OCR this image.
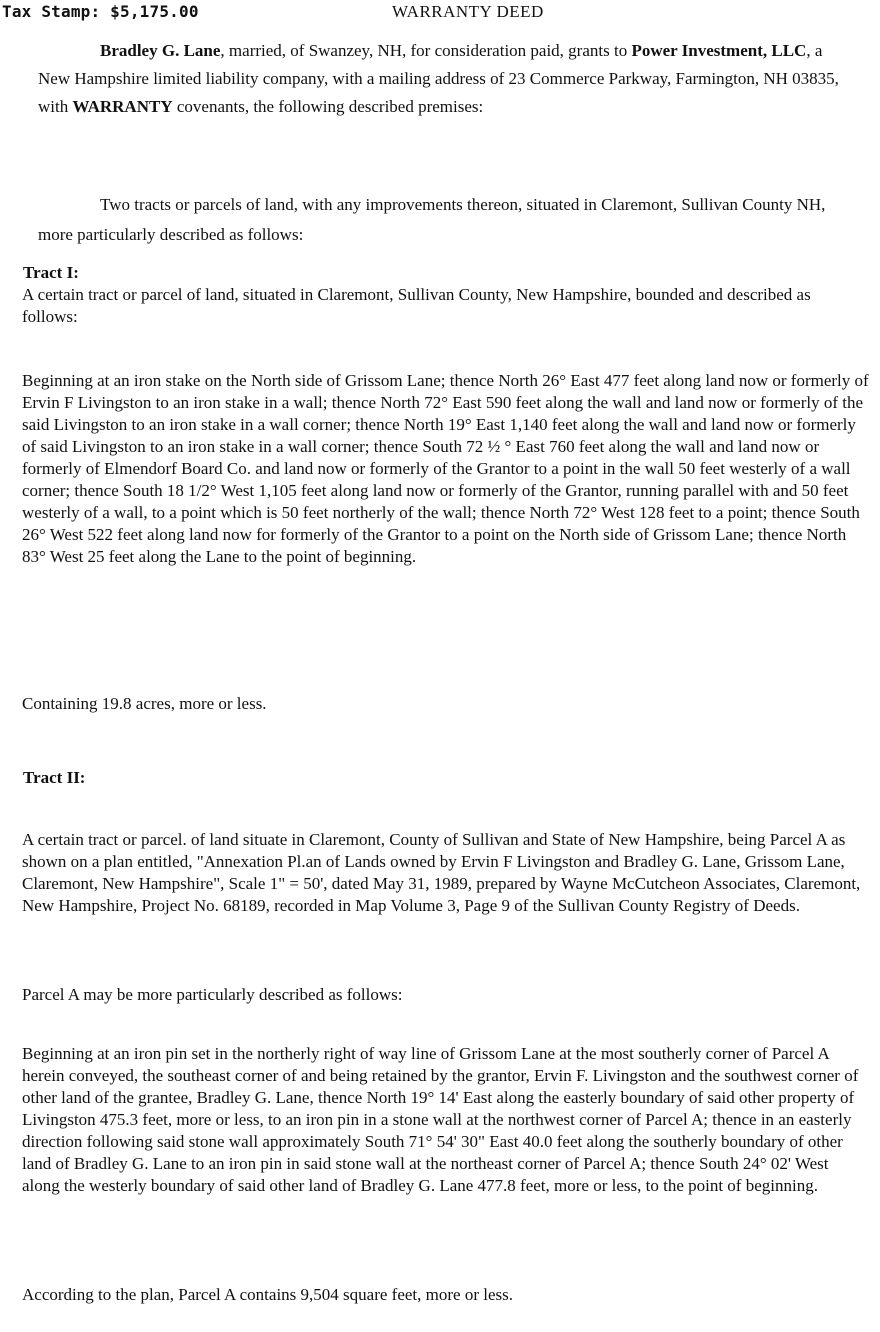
Tax Stamp: $5,175.00	WARRANTY DEED

Bradley G. Lane, married, of Swanzey, NH, for consideration paid, grants to Power Investment, LLC, a New Hampshire limited liability company, with a mailing address of 23 Commerce Parkway, Farmington, NH 03835, with WARRANTY covenants, the following described premises:

Two tracts or parcels of land, with any improvements thereon, situated in Claremont, Sullivan County NH, more particularly described as follows:

Tract I:

A certain tract or parcel of land, situated in Claremont, Sullivan County, New Hampshire, bounded and described as follows:

Beginning at an iron stake on the North side of Grissom Lane; thence North 26° East 477 feet along land now or formerly of Ervin F Livingston to an iron stake in a wall; thence North 72° East 590 feet along the wall and land now or formerly of the said Livingston to an iron stake in a wall corner; thence North 19° East 1,140 feet along the wall and land now or formerly of said Livingston to an iron stake in a wall corner; thence South 72 ½ ° East 760 feet along the wall and land now or formerly of Elmendorf Board Co. and land now or formerly of the Grantor to a point in the wall 50 feet westerly of a wall corner; thence South 18 1/2° West 1,105 feet along land now or formerly of the Grantor, running parallel with and 50 feet westerly of a wall, to a point which is 50 feet northerly of the wall; thence North 72° West 128 feet to a point; thence South 26° West 522 feet along land now for formerly of the Grantor to a point on the North side of Grissom Lane; thence North 83° West 25 feet along the Lane to the point of beginning.

Containing 19.8 acres, more or less.

Tract II:

A certain tract or parcel. of land situate in Claremont, County of Sullivan and State of New Hampshire, being Parcel A as shown on a plan entitled, "Annexation Pl.an of Lands owned by Ervin F Livingston and Bradley G. Lane, Grissom Lane, Claremont, New Hampshire", Scale 1" = 50', dated May 31, 1989, prepared by Wayne McCutcheon Associates, Claremont, New Hampshire, Project No. 68189, recorded in Map Volume 3, Page 9 of the Sullivan County Registry of Deeds.

Parcel A may be more particularly described as follows:

Beginning at an iron pin set in the northerly right of way line of Grissom Lane at the most southerly corner of Parcel A herein conveyed, the southeast corner of and being retained by the grantor, Ervin F. Livingston and the southwest corner of other land of the grantee, Bradley G. Lane, thence North 19° 14' East along the easterly boundary of said other property of Livingston 475.3 feet, more or less, to an iron pin in a stone wall at the northwest corner of Parcel A; thence in an easterly direction following said stone wall approximately South 71° 54' 30" East 40.0 feet along the southerly boundary of other land of Bradley G. Lane to an iron pin in said stone wall at the northeast corner of Parcel A; thence South 24° 02' West along the westerly boundary of said other land of Bradley G. Lane 477.8 feet, more or less, to the point of beginning.

According to the plan, Parcel A contains 9,504 square feet, more or less.
